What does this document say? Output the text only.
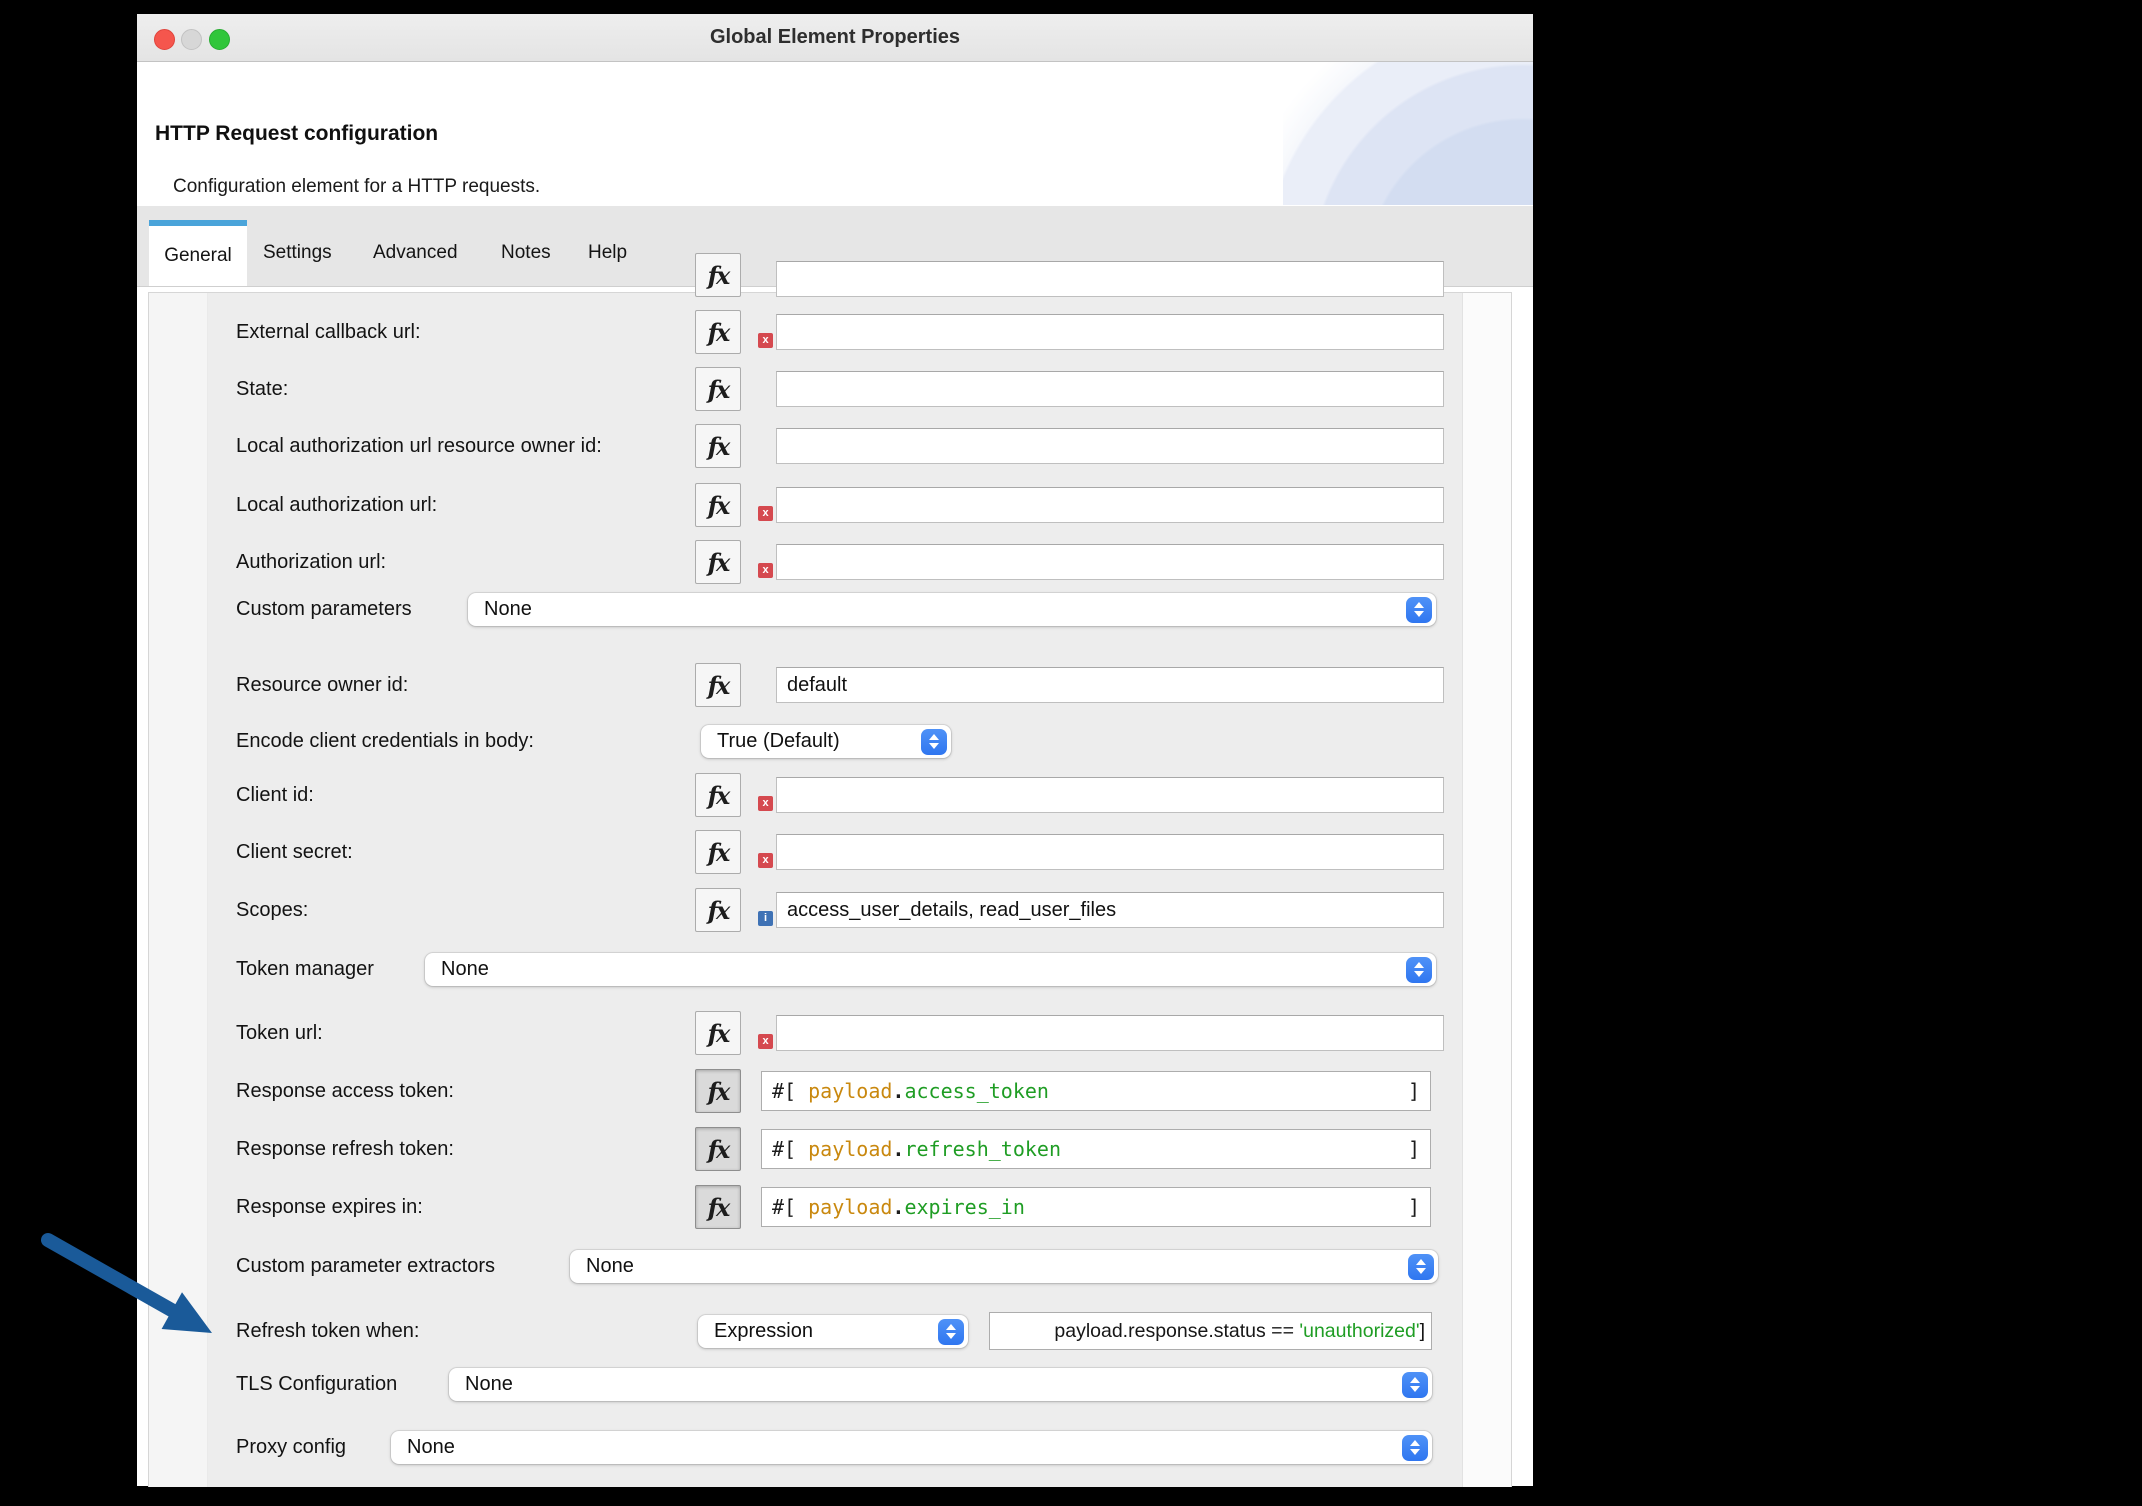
Global Element Properties
HTTP Request configuration
Configuration element for a HTTP requests.
General Settings Advanced Notes Help
fx
External callback url:	fx	x
State:	fx
Local authorization url resource owner id:	fx
Local authorization url:	fx	x
Authorization url:	fx	x
Custom parameters	None
Resource owner id:	fx	default
Encode client credentials in body:	True (Default)
Client id:	fx	x
Client secret:	fx	x
Scopes:	fx	i access_user_details, read_user_files
Token manager	None
Token url:	fx	x
Response access token:	fx #[ payload . access_token	]
Response refresh token:	fx #[ payload . refresh_token	]
Response expires in:	fx #[ payload . expires_in	]
Custom parameter extractors	None
Refresh token when:	Expression	payload.response.status == 'unauthorized' ]
TLS Configuration	None
Proxy config	None
